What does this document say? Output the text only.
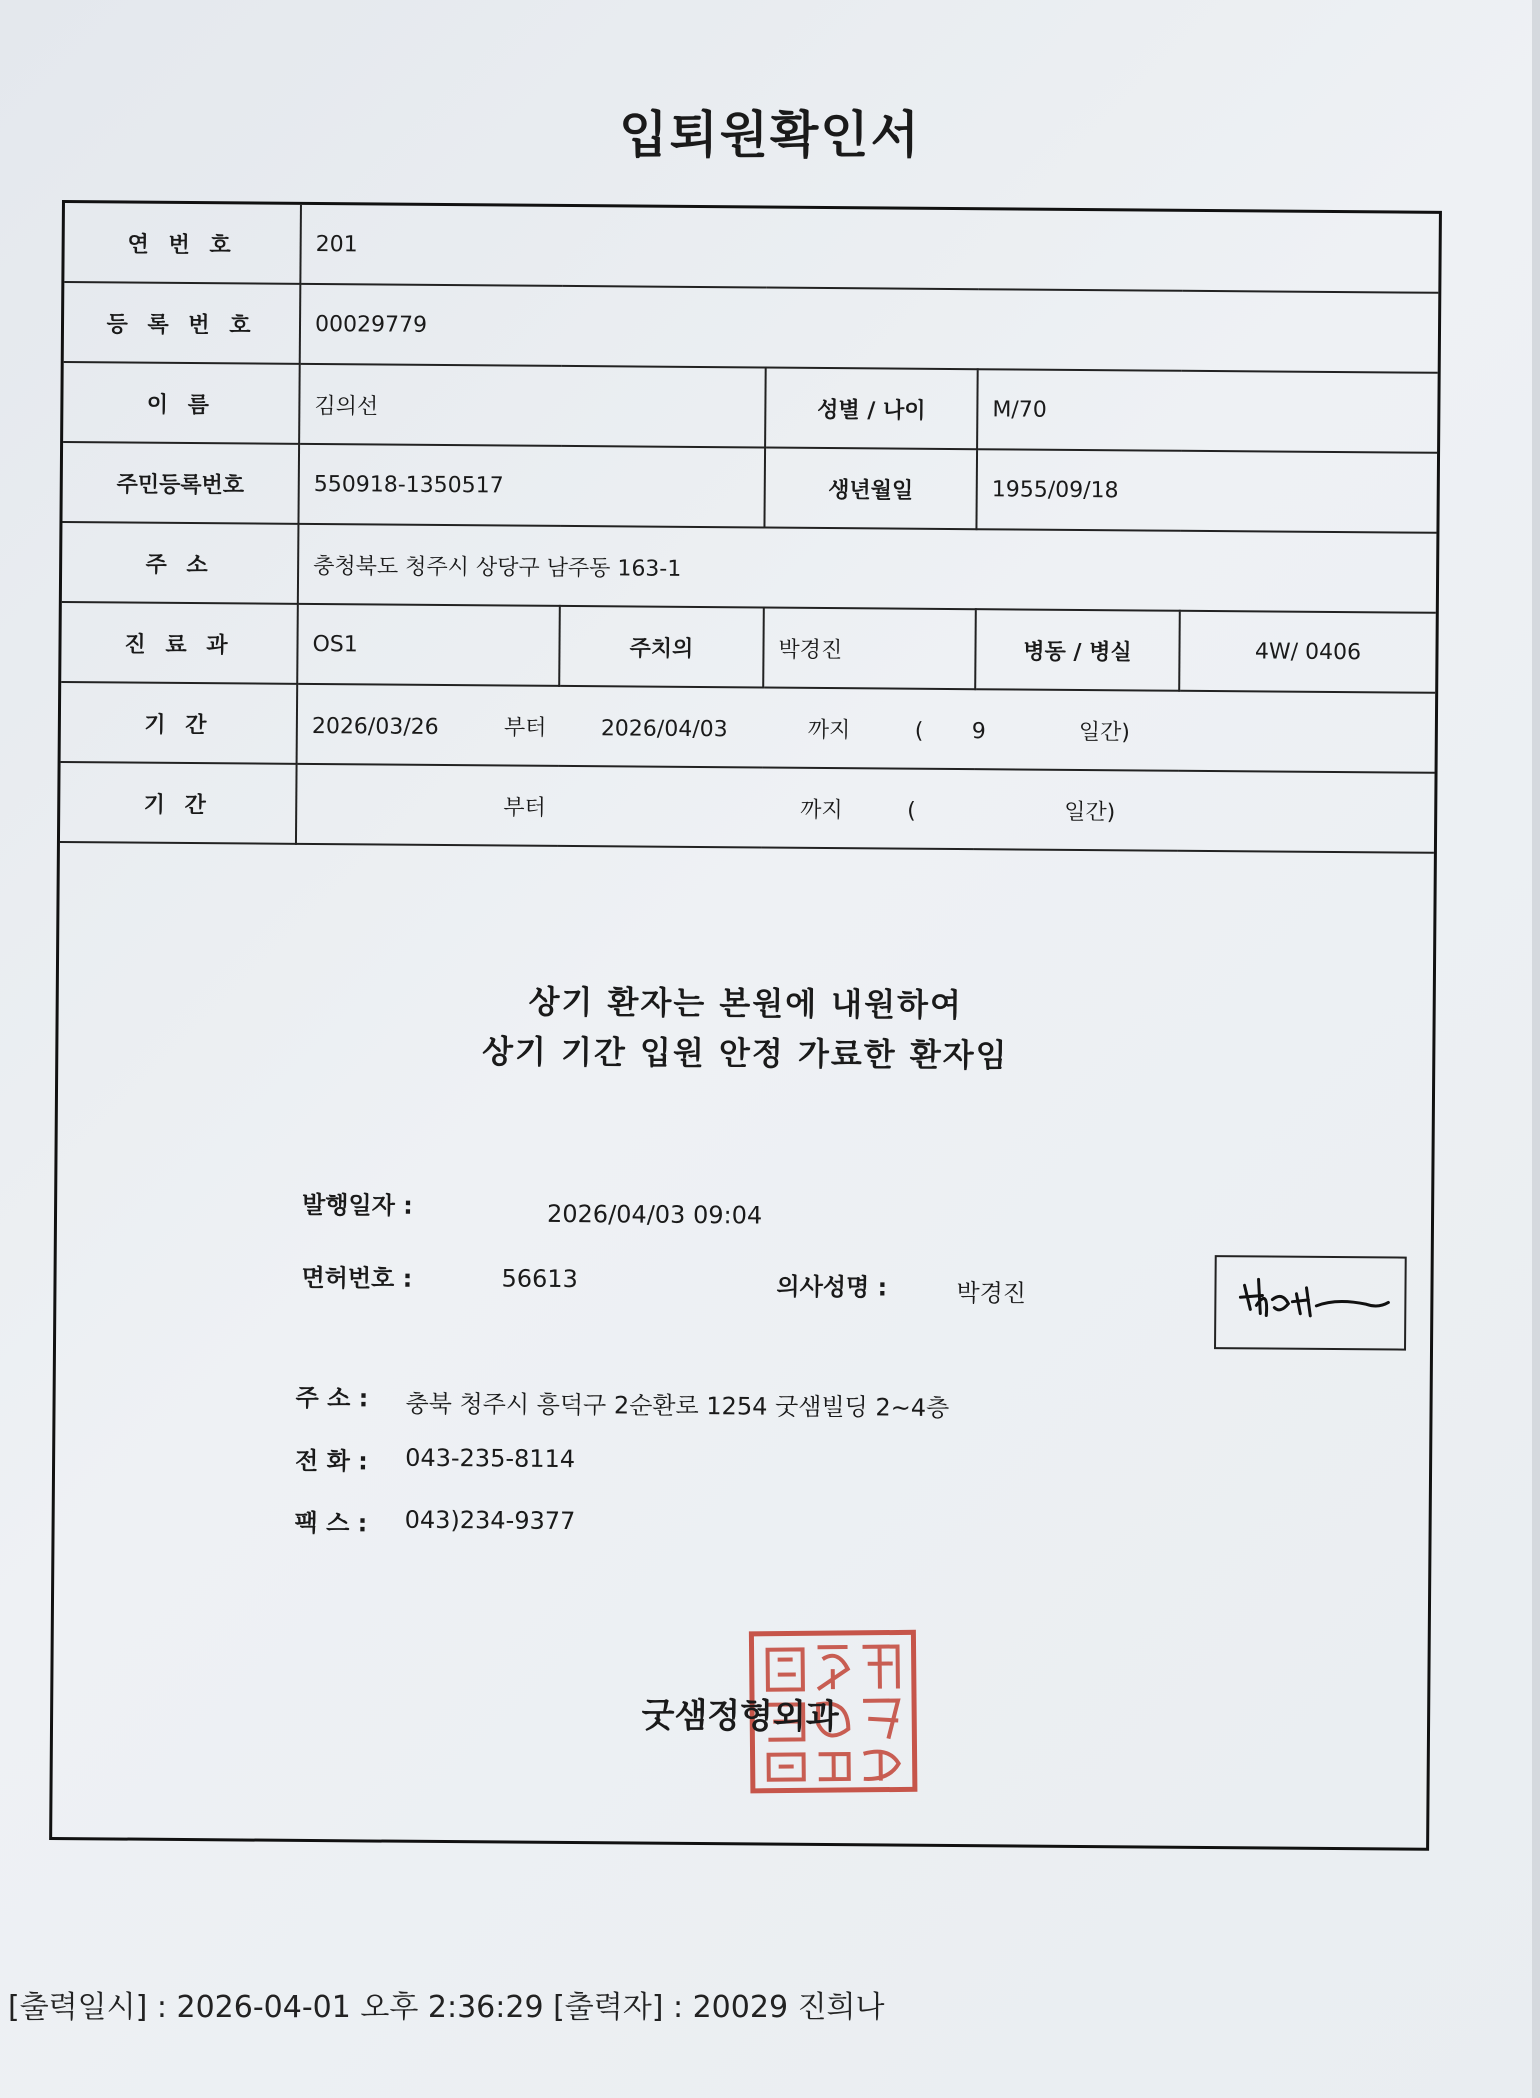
입퇴원확인서
연 번 호	201				
등 록 번 호	00029779				
이 름	김의선		성별 / 나이	M/70	
주민등록번호	550918-1350517		생년월일	1955/09/18	
주 소	충청북도 청주시 상당구 남주동 163-1				
진 료 과	OS1	주치의	박경진	병동 / 병실	4W/ 0406
기 간	2026/03/26 부터 2026/04/03 까지 ( 9 일간)				
기 간	부터 까지 ( 일간)				
상기 환자는 본원에 내원하여
상기 기간 입원 안정 가료한 환자임
발행일자 :	2026/04/03 09:04
면허번호 :	56613	의사성명 :	박경진
주 소 : 충북 청주시 흥덕구 2순환로 1254 굿샘빌딩 2~4층
전 화 : 043-235-8114
팩 스 : 043)234-9377
굿샘정형외과
[출력일시] : 2026-04-01 오후 2:36:29 [출력자] : 20029 진희나
